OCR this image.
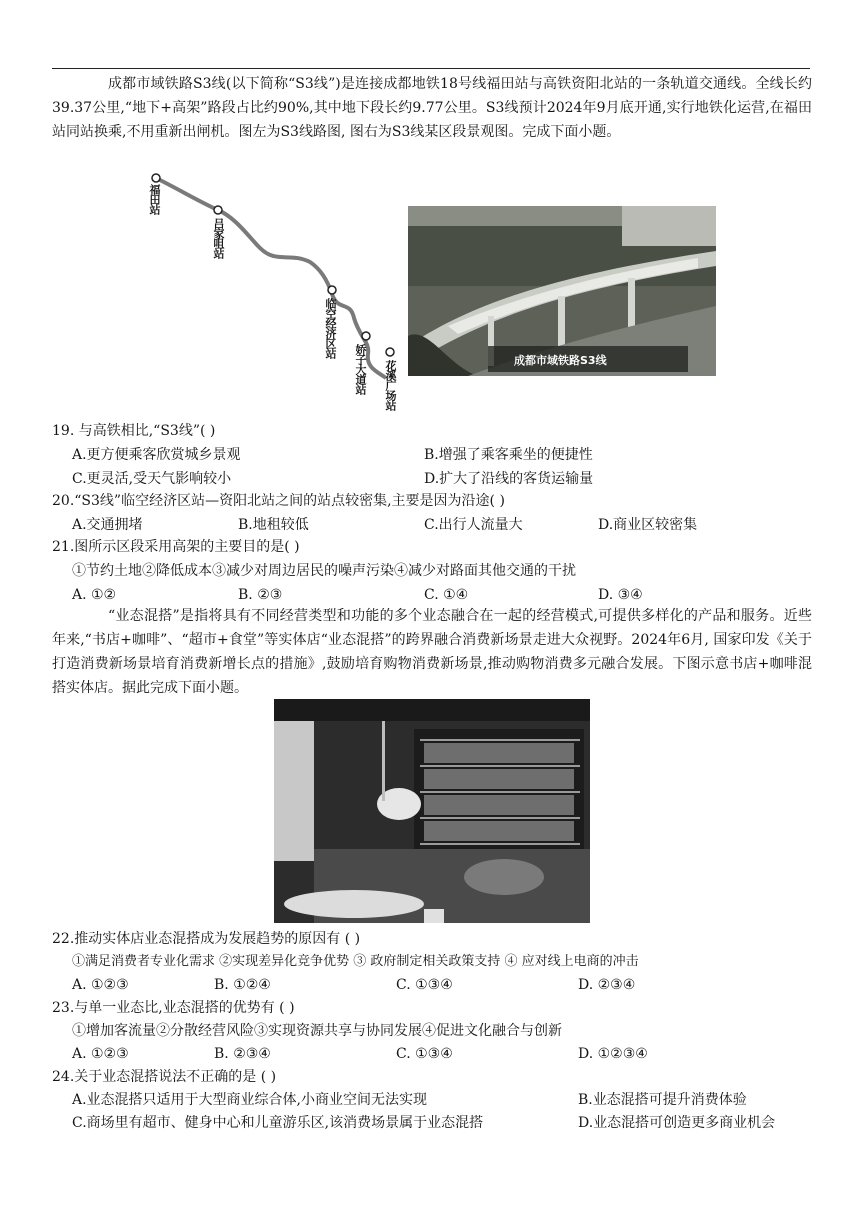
成都市域铁路S3线(以下简称“S3线”)是连接成都地铁18号线福田站与高铁资阳北站的一条轨道交通线。全线长约39.37公里,“地下+高架”路段占比约90%,其中地下段长约9.77公里。S3线预计2024年9月底开通,实行地铁化运营,在福田站同站换乘,不用重新出闸机。图左为S3线路图, 图右为S3线某区段景观图。完成下面小题。

福田站
吕家咀站
临空经济区站
娇子大道站 花溪广场站	成都市域铁路S3线
19. 与高铁相比,“S3线”( )
A.更方便乘客欣赏城乡景观	B.增强了乘客乘坐的便捷性
C.更灵活,受天气影响较小	D.扩大了沿线的客货运输量
20.“S3线”临空经济区站—资阳北站之间的站点较密集,主要是因为沿途( )
A.交通拥堵	B.地租较低	C.出行人流量大	D.商业区较密集
21.图所示区段采用高架的主要目的是( )
①节约土地②降低成本③减少对周边居民的噪声污染④减少对路面其他交通的干扰
A. ①②	B. ②③	C. ①④	D. ③④

“业态混搭”是指将具有不同经营类型和功能的多个业态融合在一起的经营模式,可提供多样化的产品和服务。近些年来,“书店+咖啡”、“超市+食堂”等实体店“业态混搭”的跨界融合消费新场景走进大众视野。2024年6月, 国家印发《关于打造消费新场景培育消费新增长点的措施》,鼓励培育购物消费新场景,推动购物消费多元融合发展。下图示意书店+咖啡混搭实体店。据此完成下面小题。

22.推动实体店业态混搭成为发展趋势的原因有 ( )
①满足消费者专业化需求 ②实现差异化竞争优势 ③ 政府制定相关政策支持 ④ 应对线上电商的冲击
A. ①②③	B. ①②④	C. ①③④	D. ②③④
23.与单一业态比,业态混搭的优势有 ( )
①增加客流量②分散经营风险③实现资源共享与协同发展④促进文化融合与创新
A. ①②③	B. ②③④	C. ①③④	D. ①②③④
24.关于业态混搭说法不正确的是 ( )
A.业态混搭只适用于大型商业综合体,小商业空间无法实现	B.业态混搭可提升消费体验
C.商场里有超市、健身中心和儿童游乐区,该消费场景属于业态混搭	D.业态混搭可创造更多商业机会
